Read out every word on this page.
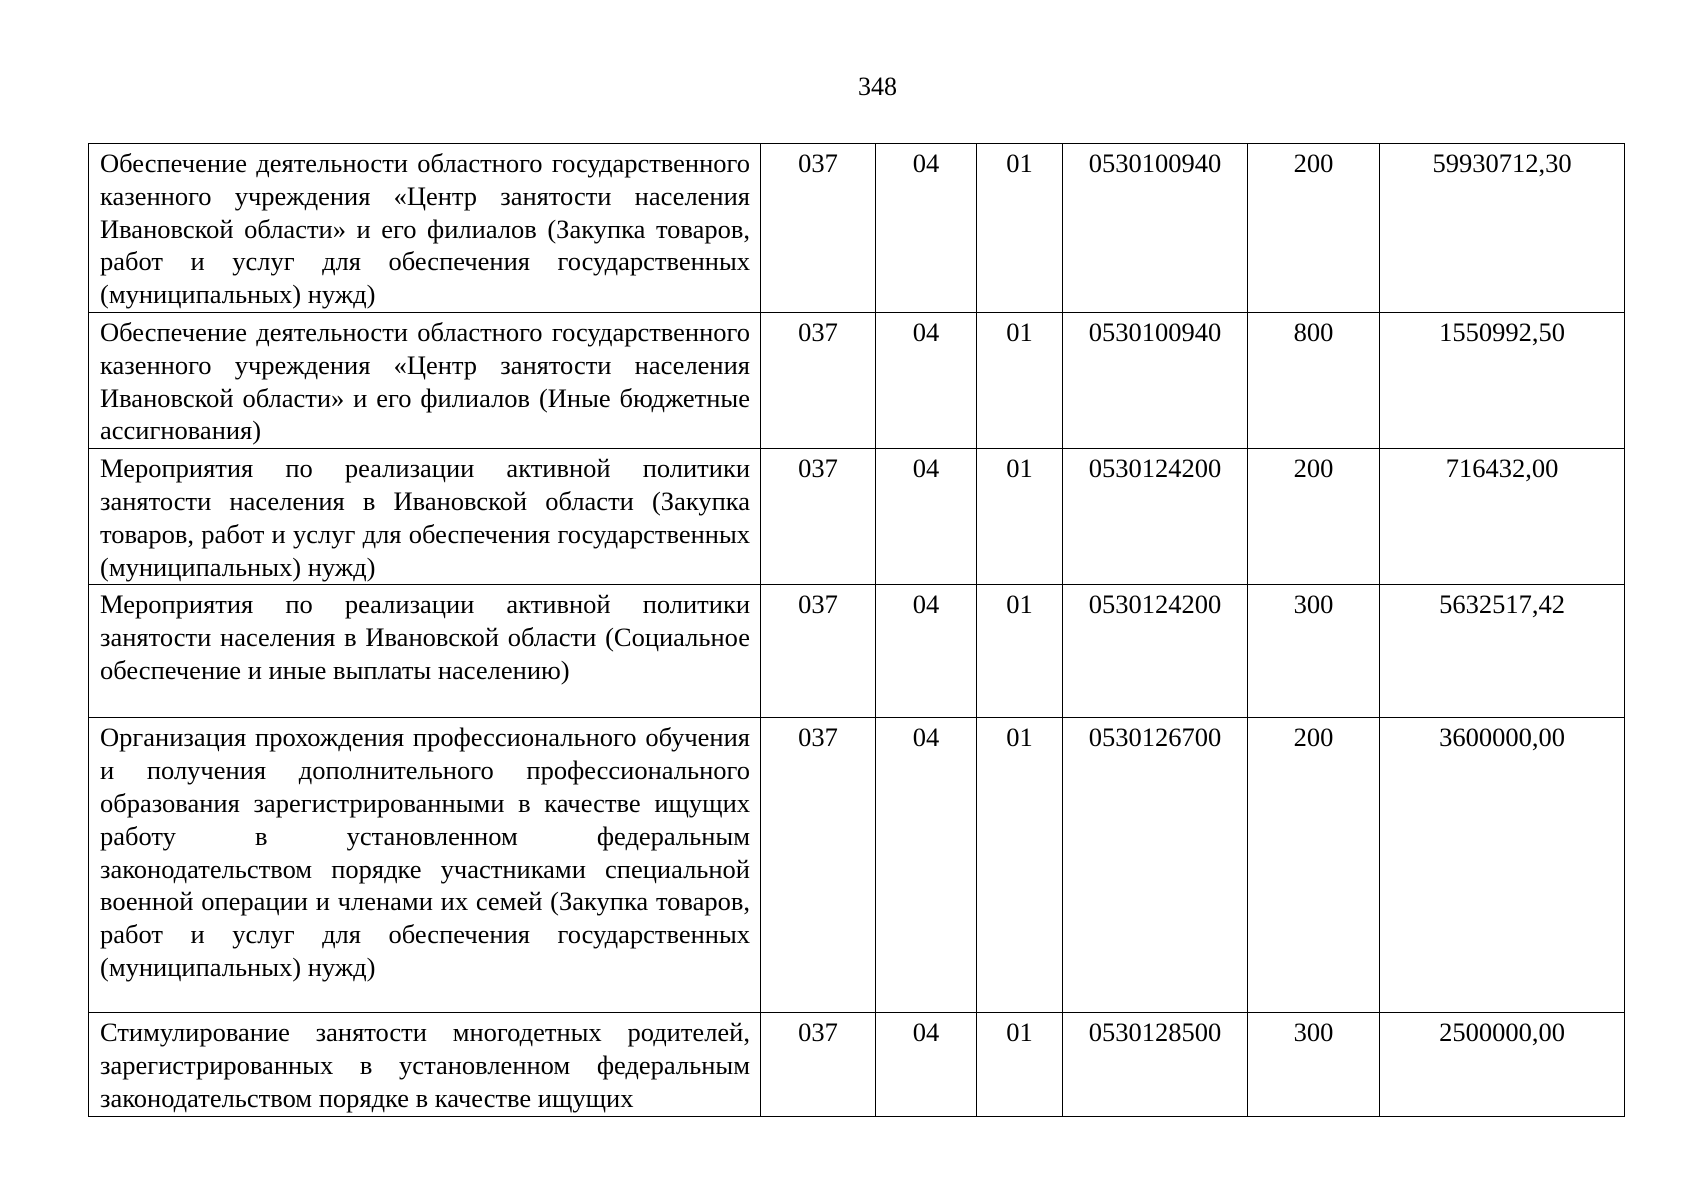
348
Обеспечение деятельности областного государственного казенного учреждения «Центр занятости населения Ивановской области» и его филиалов (Закупка товаров, работ и услуг для обеспечения государственных (муниципальных) нужд)	037	04	01	0530100940	200	59930712,30
Обеспечение деятельности областного государственного казенного учреждения «Центр занятости населения Ивановской области» и его филиалов (Иные бюджетные ассигнования)	037	04	01	0530100940	800	1550992,50
Мероприятия по реализации активной политики занятости населения в Ивановской области (Закупка товаров, работ и услуг для обеспечения государственных (муниципальных) нужд)	037	04	01	0530124200	200	716432,00
Мероприятия по реализации активной политики занятости населения в Ивановской области (Социальное обеспечение и иные выплаты населению)	037	04	01	0530124200	300	5632517,42
Организация прохождения профессионального обучения и получения дополнительного профессионального образования зарегистрированными в качестве ищущих работу в установленном федеральным законодательством порядке участниками специальной военной операции и членами их семей (Закупка товаров, работ и услуг для обеспечения государственных (муниципальных) нужд)	037	04	01	0530126700	200	3600000,00
Стимулирование занятости многодетных родителей, зарегистрированных в установленном федеральным законодательством порядке в качестве ищущих	037	04	01	0530128500	300	2500000,00
